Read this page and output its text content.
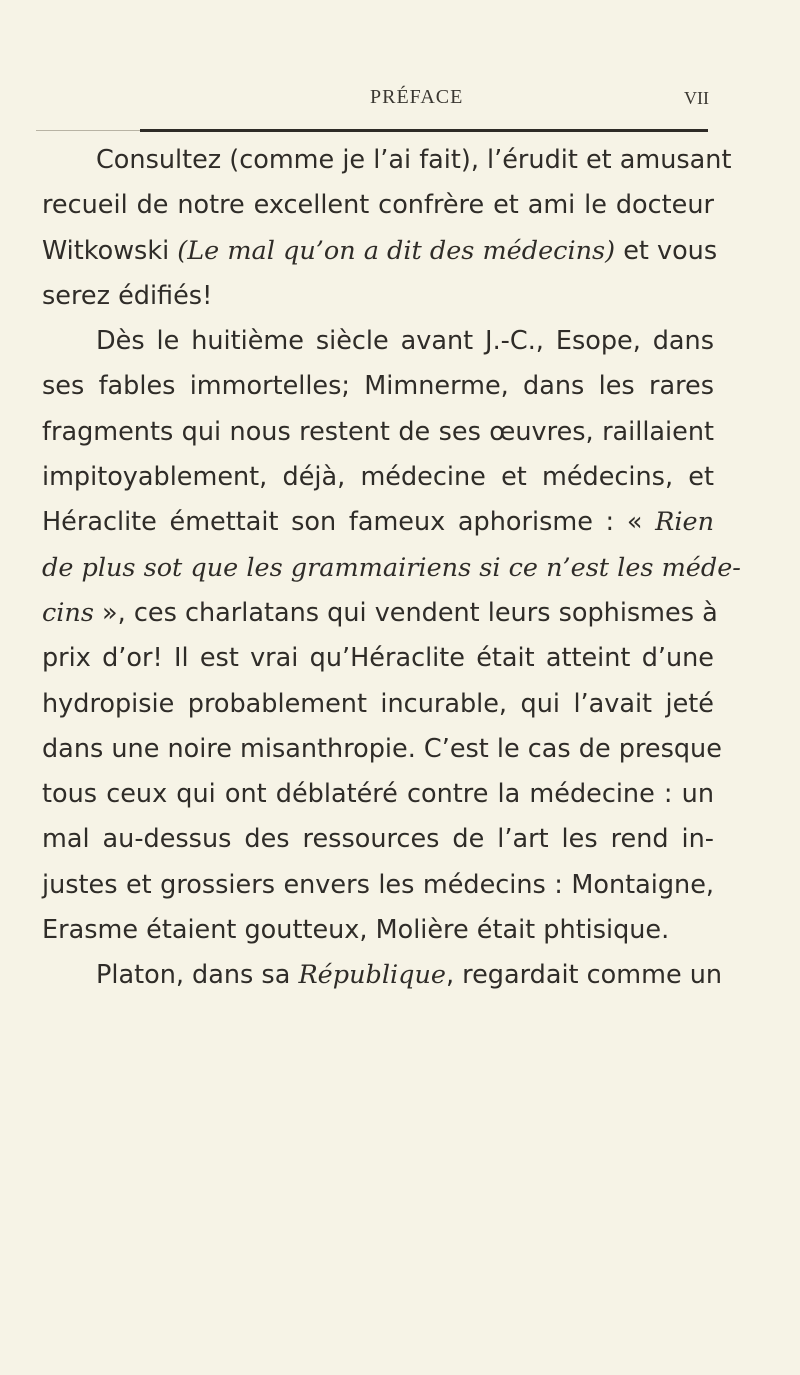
PRÉFACE	VII
Consultez (comme je l’ai fait), l’érudit et amusant
recueil de notre excellent confrère et ami le docteur
Witkowski (Le mal qu’on a dit des médecins) et vous
serez édifiés!
Dès le huitième siècle avant J.-C., Esope, dans
ses fables immortelles; Mimnerme, dans les rares
fragments qui nous restent de ses œuvres, raillaient
impitoyablement, déjà, médecine et médecins, et
Héraclite émettait son fameux aphorisme : « Rien
de plus sot que les grammairiens si ce n’est les méde-
cins », ces charlatans qui vendent leurs sophismes à
prix d’or! Il est vrai qu’Héraclite était atteint d’une
hydropisie probablement incurable, qui l’avait jeté
dans une noire misanthropie. C’est le cas de presque
tous ceux qui ont déblatéré contre la médecine : un
mal au-dessus des ressources de l’art les rend in-
justes et grossiers envers les médecins : Montaigne,
Erasme étaient goutteux, Molière était phtisique.
Platon, dans sa République, regardait comme un
